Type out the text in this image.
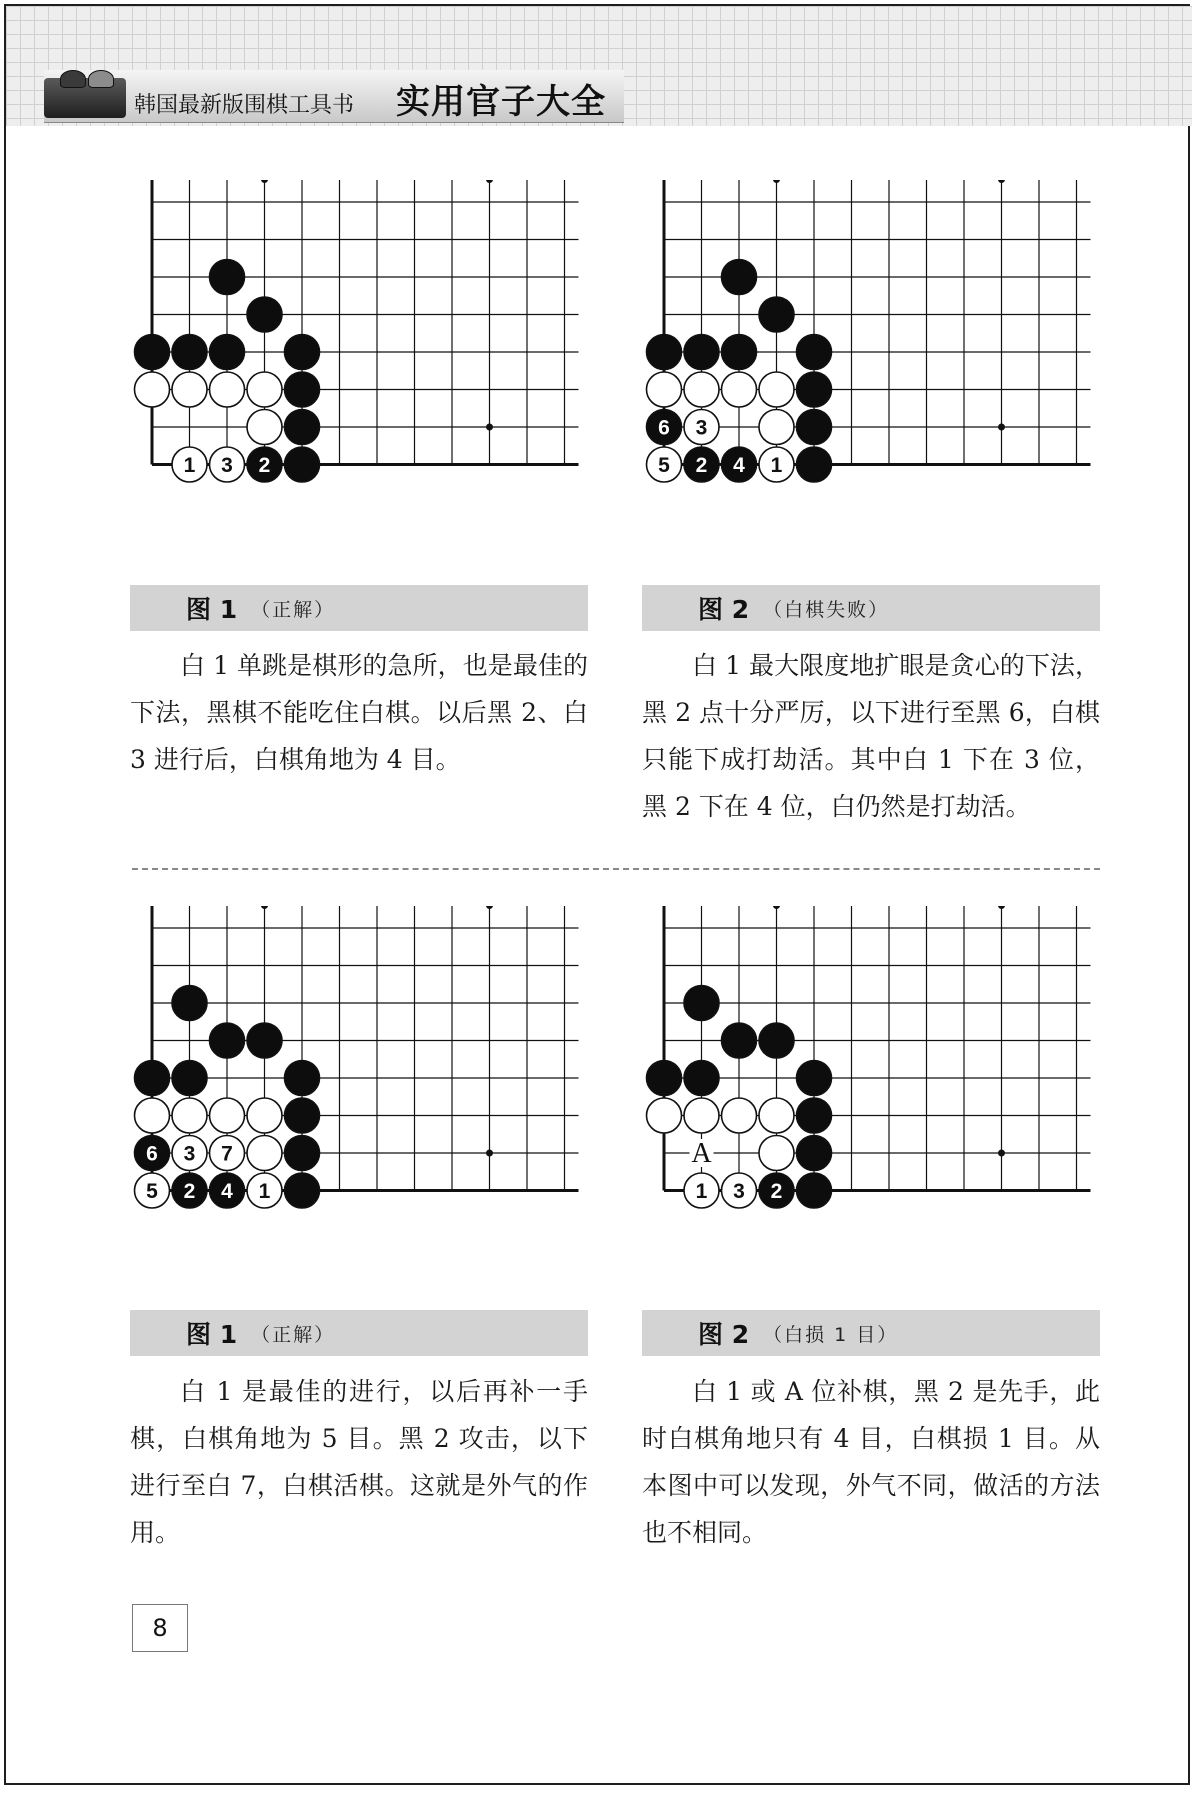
韩国最新版围棋工具书 实用官子大全
1 3 2
图 1 （正解）
白 1 单跳是棋形的急所，也是最佳的下法，黑棋不能吃住白棋。以后黑 2、白 3 进行后，白棋角地为 4 目。
6 3
5 2 4 1
图 2 （白棋失败）
白 1 最大限度地扩眼是贪心的下法，黑 2 点十分严厉，以下进行至黑 6，白棋只能下成打劫活。其中白 1 下在 3 位，黑 2 下在 4 位，白仍然是打劫活。
6 3 7
5 2 4 1
图 1 （正解）
白 1 是最佳的进行，以后再补一手棋，白棋角地为 5 目。黑 2 攻击，以下进行至白 7，白棋活棋。这就是外气的作用。
1 3 2
A
图 2 （白损 1 目）
白 1 或 A 位补棋，黑 2 是先手，此时白棋角地只有 4 目，白棋损 1 目。从本图中可以发现，外气不同，做活的方法也不相同。
8
